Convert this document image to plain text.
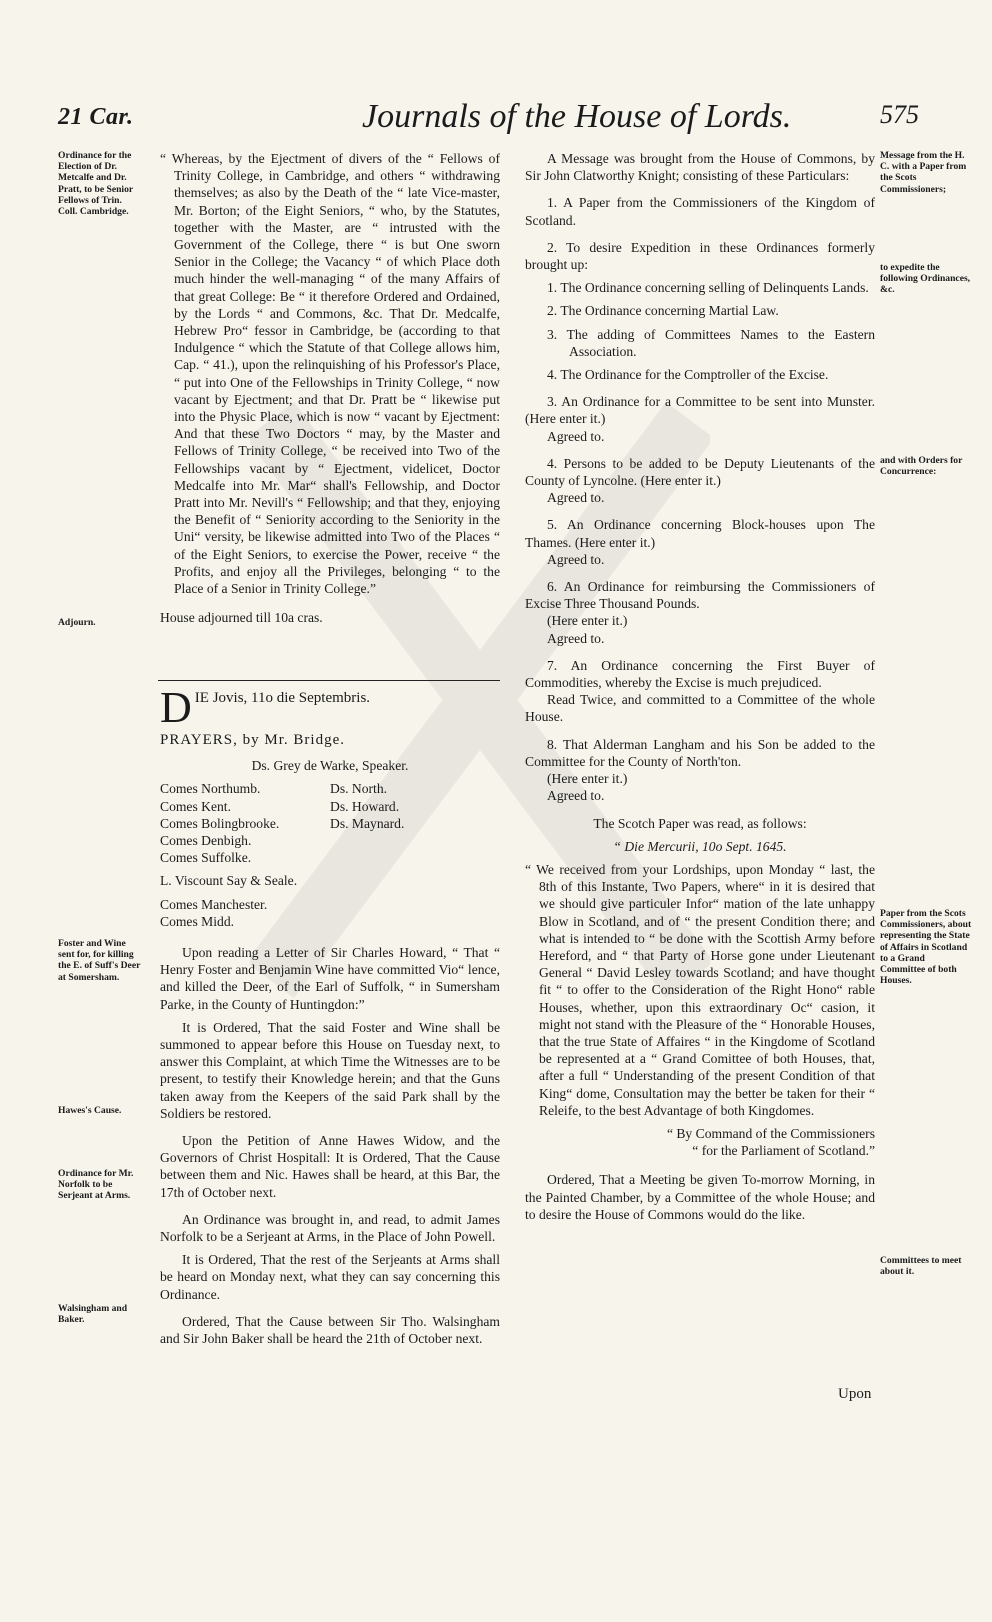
21 Car.	Journals of the House of Lords.	575
Ordinance for the Election of Dr. Metcalfe and Dr. Pratt, to be Senior Fellows of Trin. Coll. Cambridge.
Adjourn.
Foster and Wine sent for, for killing the E. of Suff's Deer at Somersham.
Hawes's Cause.
Ordinance for Mr. Norfolk to be Serjeant at Arms.
Walsingham and Baker.
Message from the H. C. with a Paper from the Scots Commissioners;
to expedite the following Ordinances, &c.
and with Orders for Concurrence:
Paper from the Scots Commissioners, about representing the State of Affairs in Scotland to a Grand Committee of both Houses.
Committees to meet about it.

“ Whereas, by the Ejectment of divers of the “ Fellows of Trinity College, in Cambridge, and others “ withdrawing themselves; as also by the Death of the “ late Vice-master, Mr. Borton; of the Eight Seniors, “ who, by the Statutes, together with the Master, are “ intrusted with the Government of the College, there “ is but One sworn Senior in the College; the Vacancy “ of which Place doth much hinder the well-managing “ of the many Affairs of that great College: Be “ it therefore Ordered and Ordained, by the Lords “ and Commons, &c. That Dr. Medcalfe, Hebrew Pro“ fessor in Cambridge, be (according to that Indulgence “ which the Statute of that College allows him, Cap. “ 41.), upon the relinquishing of his Professor's Place, “ put into One of the Fellowships in Trinity College, “ now vacant by Ejectment; and that Dr. Pratt be “ likewise put into the Physic Place, which is now “ vacant by Ejectment: And that these Two Doctors “ may, by the Master and Fellows of Trinity College, “ be received into Two of the Fellowships vacant by “ Ejectment, videlicet, Doctor Medcalfe into Mr. Mar“ shall's Fellowship, and Doctor Pratt into Mr. Nevill's “ Fellowship; and that they, enjoying the Benefit of “ Seniority according to the Seniority in the Uni“ versity, be likewise admitted into Two of the Places “ of the Eight Seniors, to exercise the Power, receive “ the Profits, and enjoy all the Privileges, belonging “ to the Place of a Senior in Trinity College.”

House adjourned till 10a cras.

D IE Jovis, 11o die Septembris.

PRAYERS, by Mr. Bridge.

Ds. Grey de Warke, Speaker.

Comes Northumb.
Comes Kent.
Comes Bolingbrooke.
Comes Denbigh.
Comes Suffolke.
Ds. North.
Ds. Howard.
Ds. Maynard.

L. Viscount Say & Seale.

Comes Manchester.
Comes Midd.

Upon reading a Letter of Sir Charles Howard, “ That “ Henry Foster and Benjamin Wine have committed Vio“ lence, and killed the Deer, of the Earl of Suffolk, “ in Sumersham Parke, in the County of Huntingdon:”

It is Ordered, That the said Foster and Wine shall be summoned to appear before this House on Tuesday next, to answer this Complaint, at which Time the Witnesses are to be present, to testify their Knowledge herein; and that the Guns taken away from the Keepers of the said Park shall by the Soldiers be restored.

Upon the Petition of Anne Hawes Widow, and the Governors of Christ Hospitall: It is Ordered, That the Cause between them and Nic. Hawes shall be heard, at this Bar, the 17th of October next.

An Ordinance was brought in, and read, to admit James Norfolk to be a Serjeant at Arms, in the Place of John Powell.

It is Ordered, That the rest of the Serjeants at Arms shall be heard on Monday next, what they can say concerning this Ordinance.

Ordered, That the Cause between Sir Tho. Walsingham and Sir John Baker shall be heard the 21th of October next.

A Message was brought from the House of Commons, by Sir John Clatworthy Knight; consisting of these Particulars:

1. A Paper from the Commissioners of the Kingdom of Scotland.

2. To desire Expedition in these Ordinances formerly brought up:

1. The Ordinance concerning selling of Delinquents Lands.

2. The Ordinance concerning Martial Law.

3. The adding of Committees Names to the Eastern Association.

4. The Ordinance for the Comptroller of the Excise.

3. An Ordinance for a Committee to be sent into Munster. (Here enter it.)

Agreed to.

4. Persons to be added to be Deputy Lieutenants of the County of Lyncolne. (Here enter it.)

Agreed to.

5. An Ordinance concerning Block-houses upon The Thames. (Here enter it.)

Agreed to.

6. An Ordinance for reimbursing the Commissioners of Excise Three Thousand Pounds.

(Here enter it.)

Agreed to.

7. An Ordinance concerning the First Buyer of Commodities, whereby the Excise is much prejudiced.

Read Twice, and committed to a Committee of the whole House.

8. That Alderman Langham and his Son be added to the Committee for the County of North'ton.

(Here enter it.)

Agreed to.

The Scotch Paper was read, as follows:

“ Die Mercurii, 10o Sept. 1645.

“ We received from your Lordships, upon Monday “ last, the 8th of this Instante, Two Papers, where“ in it is desired that we should give particuler Infor“ mation of the late unhappy Blow in Scotland, and of “ the present Condition there; and what is intended to “ be done with the Scottish Army before Hereford, and “ that Party of Horse gone under Lieutenant General “ David Lesley towards Scotland; and have thought fit “ to offer to the Consideration of the Right Hono“ rable Houses, whether, upon this extraordinary Oc“ casion, it might not stand with the Pleasure of the “ Honorable Houses, that the true State of Affaires “ in the Kingdome of Scotland be represented at a “ Grand Comittee of both Houses, that, after a full “ Understanding of the present Condition of that King“ dome, Consultation may the better be taken for their “ Releife, to the best Advantage of both Kingdomes.

“ By Command of the Commissioners

“ for the Parliament of Scotland.”

Ordered, That a Meeting be given To-morrow Morning, in the Painted Chamber, by a Committee of the whole House; and to desire the House of Commons would do the like.

Upon
